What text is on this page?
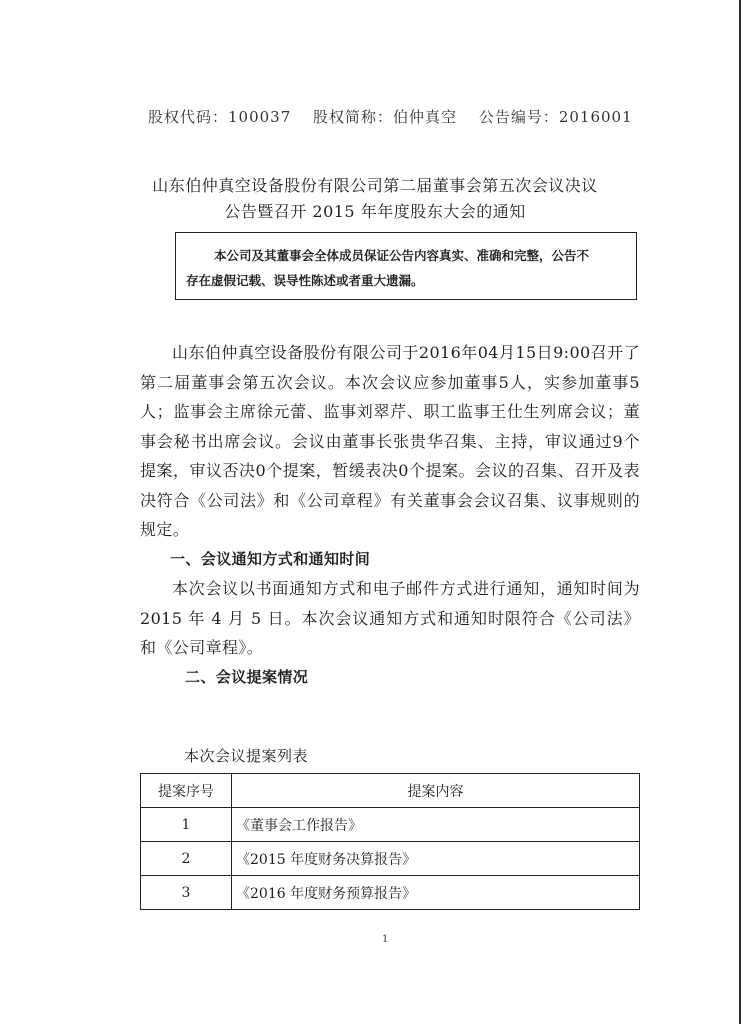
股权代码：100037 股权简称：伯仲真空 公告编号：2016001
山东伯仲真空设备股份有限公司第二届董事会第五次会议决议
公告暨召开 2015 年年度股东大会的通知
本公司及其董事会全体成员保证公告内容真实、准确和完整，公告不
存在虚假记载、误导性陈述或者重大遗漏。

山东伯仲真空设备股份有限公司于2016年04月15日9:00召开了第二届董事会第五次会议。本次会议应参加董事5人，实参加董事5人；监事会主席徐元蕾、监事刘翠芹、职工监事王仕生列席会议；董事会秘书出席会议。会议由董事长张贵华召集、主持，审议通过9个提案，审议否决0个提案，暂缓表决0个提案。会议的召集、召开及表决符合《公司法》和《公司章程》有关董事会会议召集、议事规则的规定。

一、会议通知方式和通知时间

本次会议以书面通知方式和电子邮件方式进行通知，通知时间为 2015 年 4 月 5 日。本次会议通知方式和通知时限符合《公司法》和《公司章程》。

二、会议提案情况

本次会议提案列表
提案序号	提案内容
1	《董事会工作报告》
2	《2015 年度财务决算报告》
3	《2016 年度财务预算报告》
1
